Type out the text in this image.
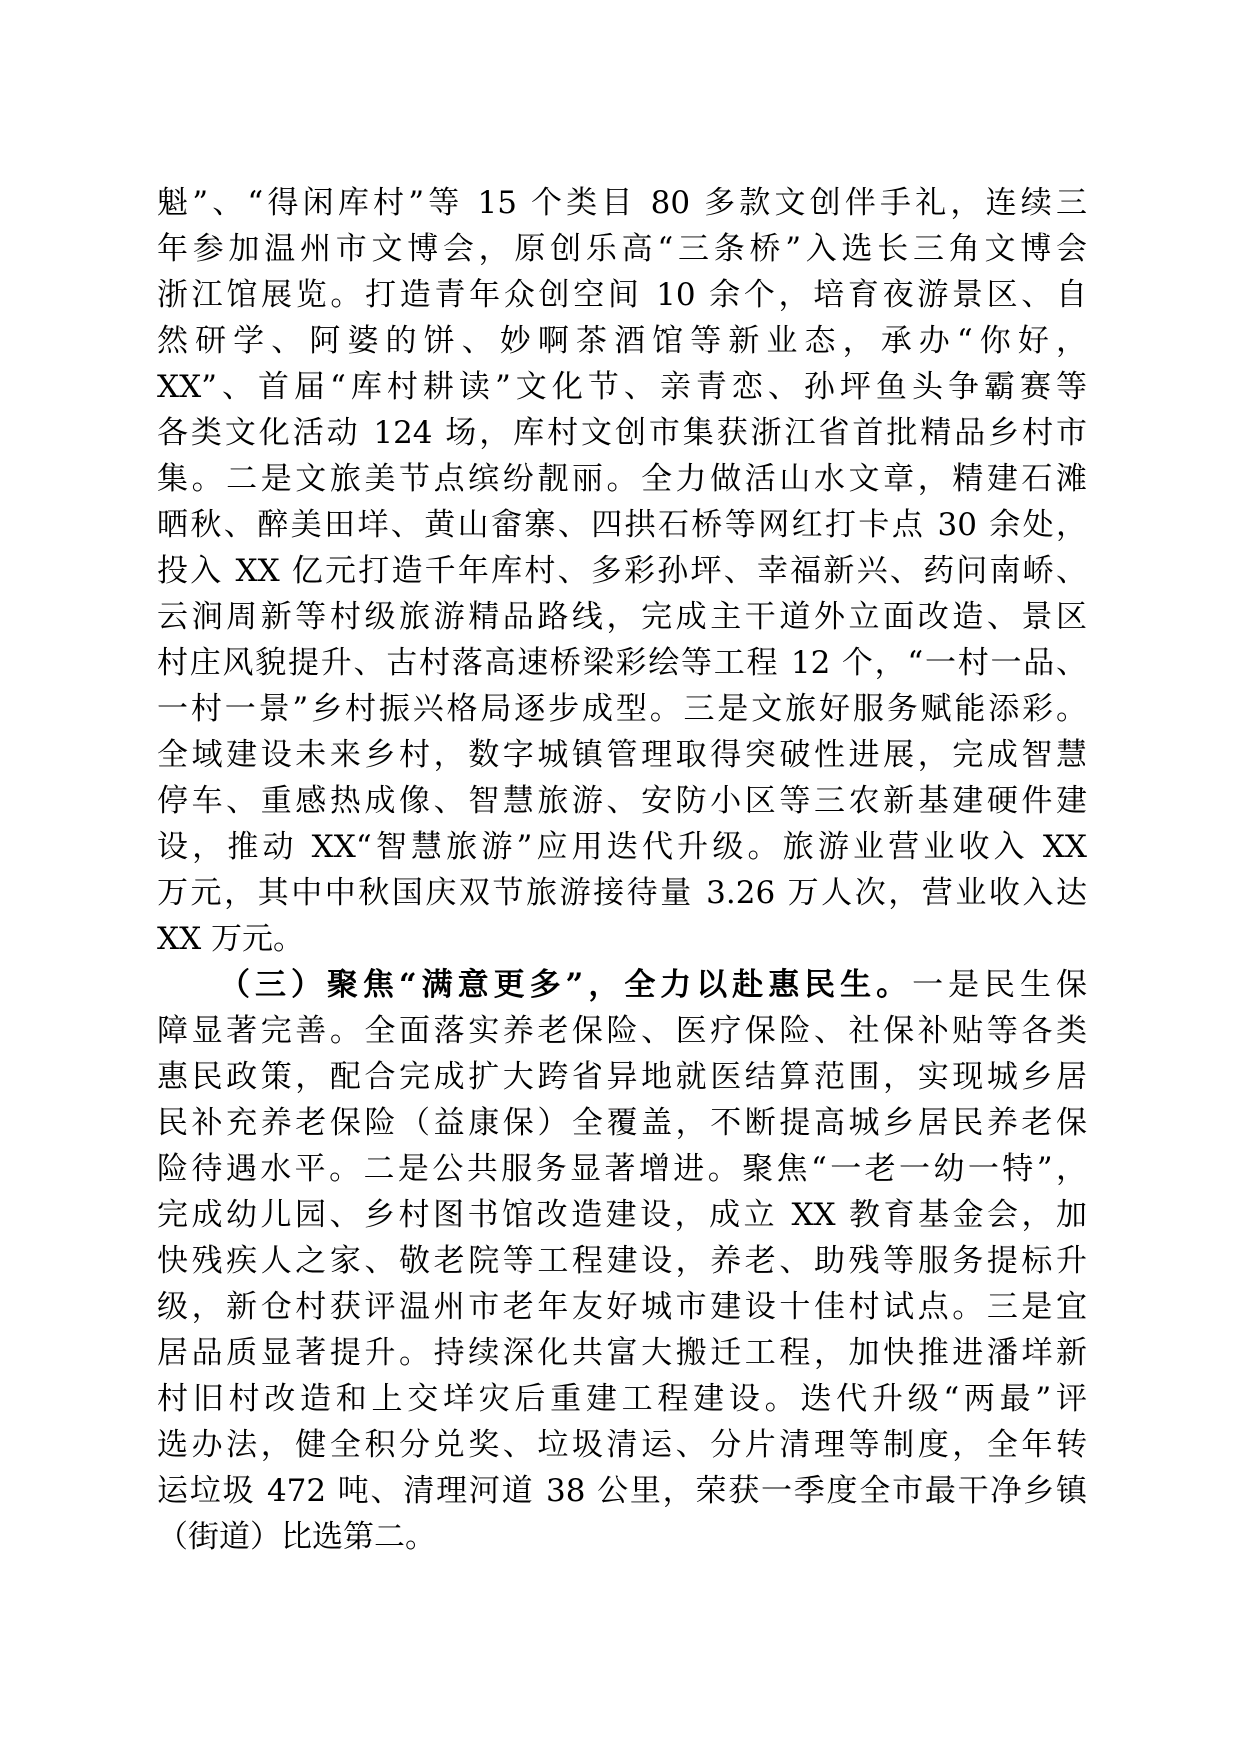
魁”、“得闲库村”等 15 个类目 80 多款文创伴手礼，连续三
年参加温州市文博会，原创乐高“三条桥”入选长三角文博会
浙江馆展览。打造青年众创空间 10 余个，培育夜游景区、自
然研学、阿婆的饼、妙啊茶酒馆等新业态，承办“你好，
XX”、首届“库村耕读”文化节、亲青恋、孙坪鱼头争霸赛等
各类文化活动 124 场，库村文创市集获浙江省首批精品乡村市
集。二是文旅美节点缤纷靓丽。全力做活山水文章，精建石滩
晒秋、醉美田垟、黄山畲寨、四拱石桥等网红打卡点 30 余处，
投入 XX 亿元打造千年库村、多彩孙坪、幸福新兴、药问南峤、
云涧周新等村级旅游精品路线，完成主干道外立面改造、景区
村庄风貌提升、古村落高速桥梁彩绘等工程 12 个，“一村一品、
一村一景”乡村振兴格局逐步成型。三是文旅好服务赋能添彩。
全域建设未来乡村，数字城镇管理取得突破性进展，完成智慧
停车、重感热成像、智慧旅游、安防小区等三农新基建硬件建
设，推动 XX“智慧旅游”应用迭代升级。旅游业营业收入 XX
万元，其中中秋国庆双节旅游接待量 3.26 万人次，营业收入达
XX 万元。
（三）聚焦“满意更多”，全力以赴惠民生。一是民生保
障显著完善。全面落实养老保险、医疗保险、社保补贴等各类
惠民政策，配合完成扩大跨省异地就医结算范围，实现城乡居
民补充养老保险（益康保）全覆盖，不断提高城乡居民养老保
险待遇水平。二是公共服务显著增进。聚焦“一老一幼一特”，
完成幼儿园、乡村图书馆改造建设，成立 XX 教育基金会，加
快残疾人之家、敬老院等工程建设，养老、助残等服务提标升
级，新仓村获评温州市老年友好城市建设十佳村试点。三是宜
居品质显著提升。持续深化共富大搬迁工程，加快推进潘垟新
村旧村改造和上交垟灾后重建工程建设。迭代升级“两最”评
选办法，健全积分兑奖、垃圾清运、分片清理等制度，全年转
运垃圾 472 吨、清理河道 38 公里，荣获一季度全市最干净乡镇
（街道）比选第二。
